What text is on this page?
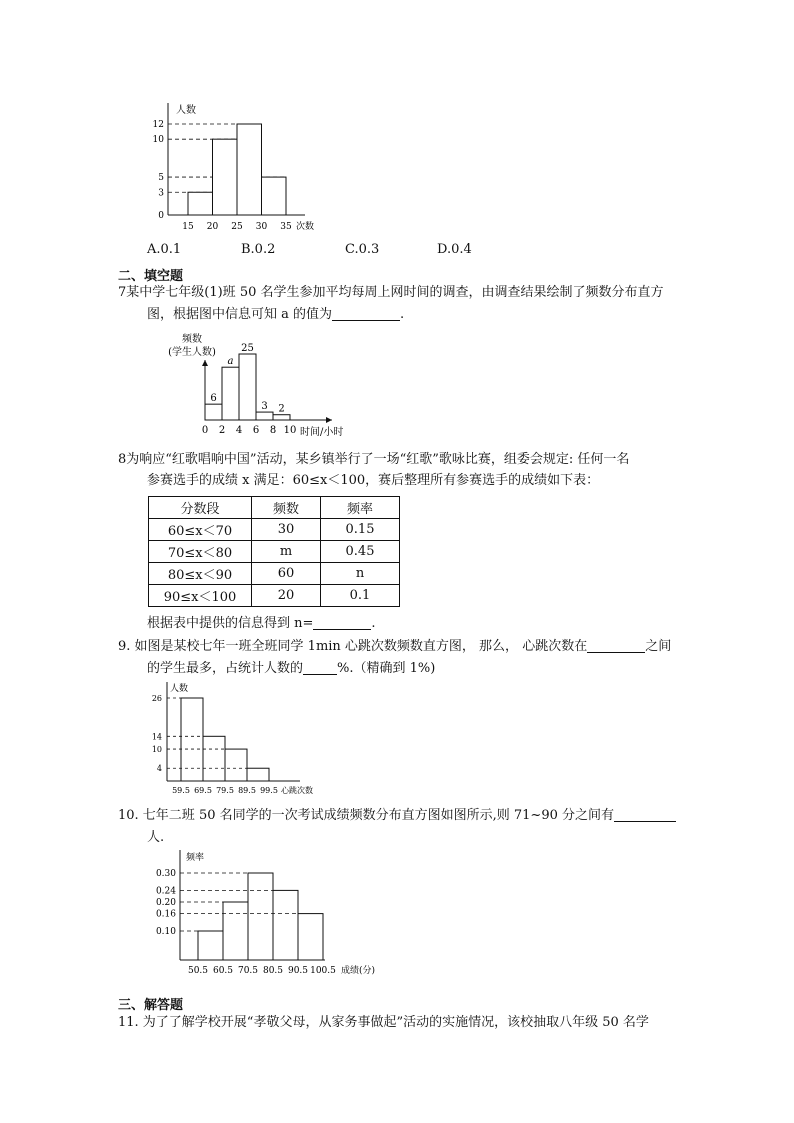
人数
0
3
5
10
12
15 20 25 30 35 次数
A.0.1	B.0.2	C.0.3	D.0.4
二、填空题
7某中学七年级(1)班 50 名学生参加平均每周上网时间的调查，由调查结果绘制了频数分布直方
图，根据图中信息可知 a 的值为	.
频数
(学生人数)
6
a
25
3 2
0 2 4 6 8 10 时间/小时
8为响应“红歌唱响中国”活动，某乡镇举行了一场“红歌”歌咏比赛，组委会规定: 任何一名
参赛选手的成绩 x 满足：60≤x＜100，赛后整理所有参赛选手的成绩如下表：
分数段	频数	频率
60≤x＜70	30	0.15
70≤x＜80	m	0.45
80≤x＜90	60	n
90≤x＜100	20	0.1
根据表中提供的信息得到 n=	.
9. 如图是某校七年一班全班同学 1min 心跳次数频数直方图， 那么， 心跳次数在	之间
的学生最多，占统计人数的	%.（精确到 1%)
人数
4
10
14
26
59.5 69.5 79.5 89.5 99.5 心跳次数
10. 七年二班 50 名同学的一次考试成绩频数分布直方图如图所示,则 71~90 分之间有
人.
频率
0.10
0.16
0.20
0.24
0.30
50.5 60.5 70.5 80.5 90.5 100.5 成绩(分)
三、解答题
11. 为了了解学校开展“孝敬父母，从家务事做起”活动的实施情况，该校抽取八年级 50 名学
